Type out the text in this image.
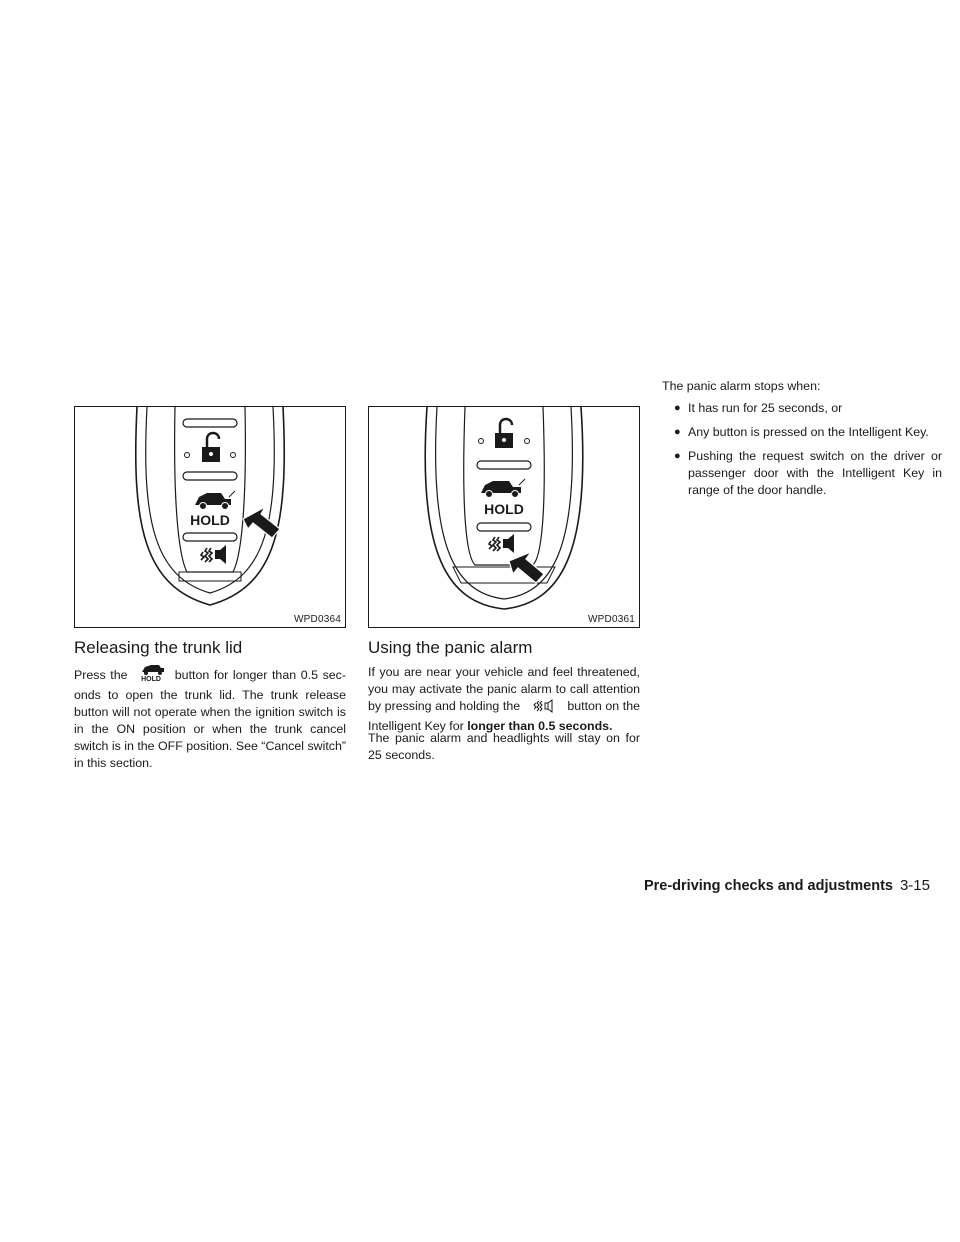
HOLD
WPD0364
HOLD
WPD0361
Releasing the trunk lid

Press the HOLD button for longer than 0.5 sec-onds to open the trunk lid. The trunk release button will not operate when the ignition switch is in the ON position or when the trunk cancel switch is in the OFF position. See “Cancel switch” in this section.

Using the panic alarm

If you are near your vehicle and feel threatened, you may activate the panic alarm to call attention by pressing and holding the	button on the Intelligent Key for longer than 0.5 seconds.

The panic alarm and headlights will stay on for 25 seconds.

The panic alarm stops when:

● It has run for 25 seconds, or
● Any button is pressed on the Intelligent Key.
● Pushing the request switch on the driver or passenger door with the Intelligent Key in range of the door handle.
Pre-driving checks and adjustments 3-15
